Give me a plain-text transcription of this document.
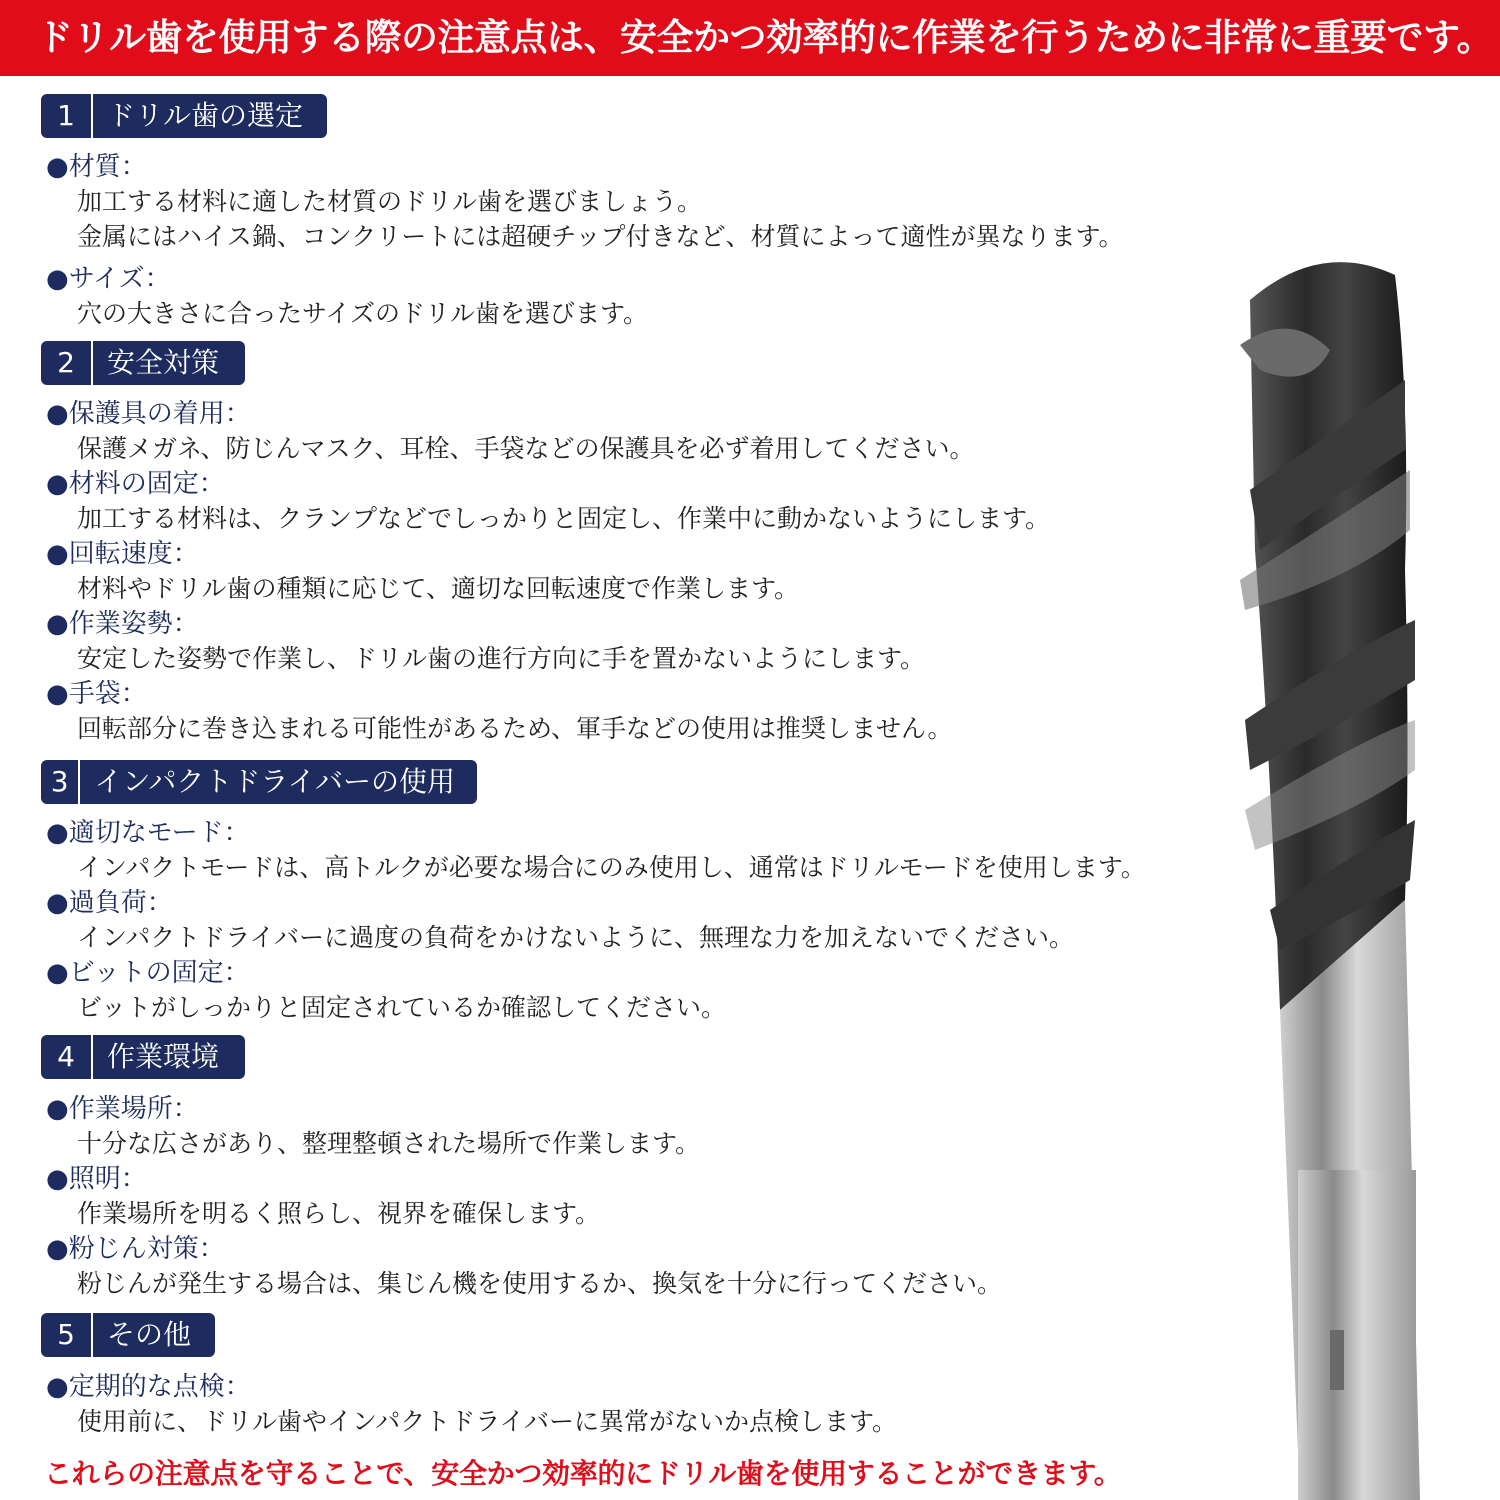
ドリル歯を使用する際の注意点は、安全かつ効率的に作業を行うために非常に重要です。
1	ドリル歯の選定
●材質：
加工する材料に適した材質のドリル歯を選びましょう。
金属にはハイス鍋、コンクリートには超硬チップ付きなど、材質によって適性が異なります。
●サイズ：
穴の大きさに合ったサイズのドリル歯を選びます。
2	安全対策
●保護具の着用：
保護メガネ、防じんマスク、耳栓、手袋などの保護具を必ず着用してください。
●材料の固定：
加工する材料は、クランプなどでしっかりと固定し、作業中に動かないようにします。
●回転速度：
材料やドリル歯の種類に応じて、適切な回転速度で作業します。
●作業姿勢：
安定した姿勢で作業し、ドリル歯の進行方向に手を置かないようにします。
●手袋：
回転部分に巻き込まれる可能性があるため、軍手などの使用は推奨しません。
3 インパクトドライバーの使用
●適切なモード：
インパクトモードは、高トルクが必要な場合にのみ使用し、通常はドリルモードを使用します。
●過負荷：
インパクトドライバーに過度の負荷をかけないように、無理な力を加えないでください。
●ビットの固定：
ビットがしっかりと固定されているか確認してください。
4	作業環境
●作業場所：
十分な広さがあり、整理整頓された場所で作業します。
●照明：
作業場所を明るく照らし、視界を確保します。
●粉じん対策：
粉じんが発生する場合は、集じん機を使用するか、換気を十分に行ってください。
5	その他
●定期的な点検：
使用前に、ドリル歯やインパクトドライバーに異常がないか点検します。
これらの注意点を守ることで、安全かつ効率的にドリル歯を使用することができます。
